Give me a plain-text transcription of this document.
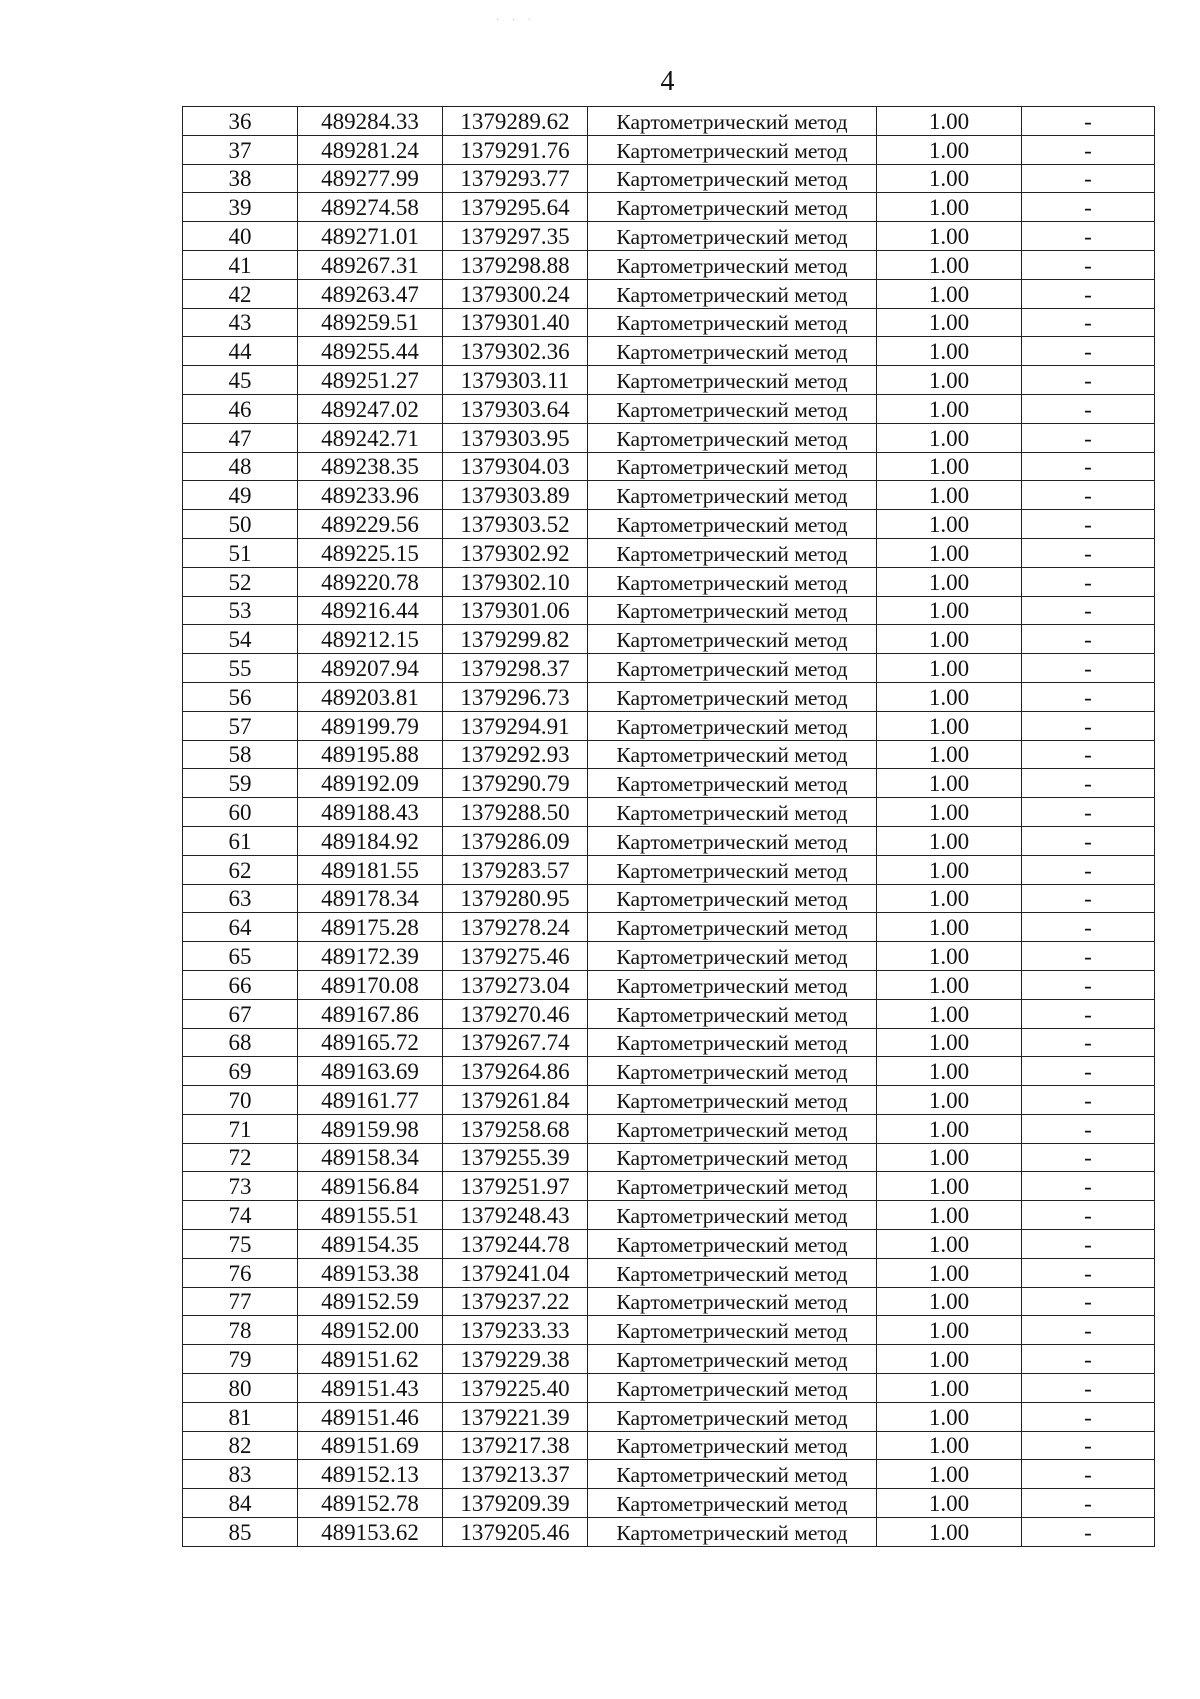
· · ·
4
36	489284.33	1379289.62	Картометрический метод	1.00	-
37	489281.24	1379291.76	Картометрический метод	1.00	-
38	489277.99	1379293.77	Картометрический метод	1.00	-
39	489274.58	1379295.64	Картометрический метод	1.00	-
40	489271.01	1379297.35	Картометрический метод	1.00	-
41	489267.31	1379298.88	Картометрический метод	1.00	-
42	489263.47	1379300.24	Картометрический метод	1.00	-
43	489259.51	1379301.40	Картометрический метод	1.00	-
44	489255.44	1379302.36	Картометрический метод	1.00	-
45	489251.27	1379303.11	Картометрический метод	1.00	-
46	489247.02	1379303.64	Картометрический метод	1.00	-
47	489242.71	1379303.95	Картометрический метод	1.00	-
48	489238.35	1379304.03	Картометрический метод	1.00	-
49	489233.96	1379303.89	Картометрический метод	1.00	-
50	489229.56	1379303.52	Картометрический метод	1.00	-
51	489225.15	1379302.92	Картометрический метод	1.00	-
52	489220.78	1379302.10	Картометрический метод	1.00	-
53	489216.44	1379301.06	Картометрический метод	1.00	-
54	489212.15	1379299.82	Картометрический метод	1.00	-
55	489207.94	1379298.37	Картометрический метод	1.00	-
56	489203.81	1379296.73	Картометрический метод	1.00	-
57	489199.79	1379294.91	Картометрический метод	1.00	-
58	489195.88	1379292.93	Картометрический метод	1.00	-
59	489192.09	1379290.79	Картометрический метод	1.00	-
60	489188.43	1379288.50	Картометрический метод	1.00	-
61	489184.92	1379286.09	Картометрический метод	1.00	-
62	489181.55	1379283.57	Картометрический метод	1.00	-
63	489178.34	1379280.95	Картометрический метод	1.00	-
64	489175.28	1379278.24	Картометрический метод	1.00	-
65	489172.39	1379275.46	Картометрический метод	1.00	-
66	489170.08	1379273.04	Картометрический метод	1.00	-
67	489167.86	1379270.46	Картометрический метод	1.00	-
68	489165.72	1379267.74	Картометрический метод	1.00	-
69	489163.69	1379264.86	Картометрический метод	1.00	-
70	489161.77	1379261.84	Картометрический метод	1.00	-
71	489159.98	1379258.68	Картометрический метод	1.00	-
72	489158.34	1379255.39	Картометрический метод	1.00	-
73	489156.84	1379251.97	Картометрический метод	1.00	-
74	489155.51	1379248.43	Картометрический метод	1.00	-
75	489154.35	1379244.78	Картометрический метод	1.00	-
76	489153.38	1379241.04	Картометрический метод	1.00	-
77	489152.59	1379237.22	Картометрический метод	1.00	-
78	489152.00	1379233.33	Картометрический метод	1.00	-
79	489151.62	1379229.38	Картометрический метод	1.00	-
80	489151.43	1379225.40	Картометрический метод	1.00	-
81	489151.46	1379221.39	Картометрический метод	1.00	-
82	489151.69	1379217.38	Картометрический метод	1.00	-
83	489152.13	1379213.37	Картометрический метод	1.00	-
84	489152.78	1379209.39	Картометрический метод	1.00	-
85	489153.62	1379205.46	Картометрический метод	1.00	-
